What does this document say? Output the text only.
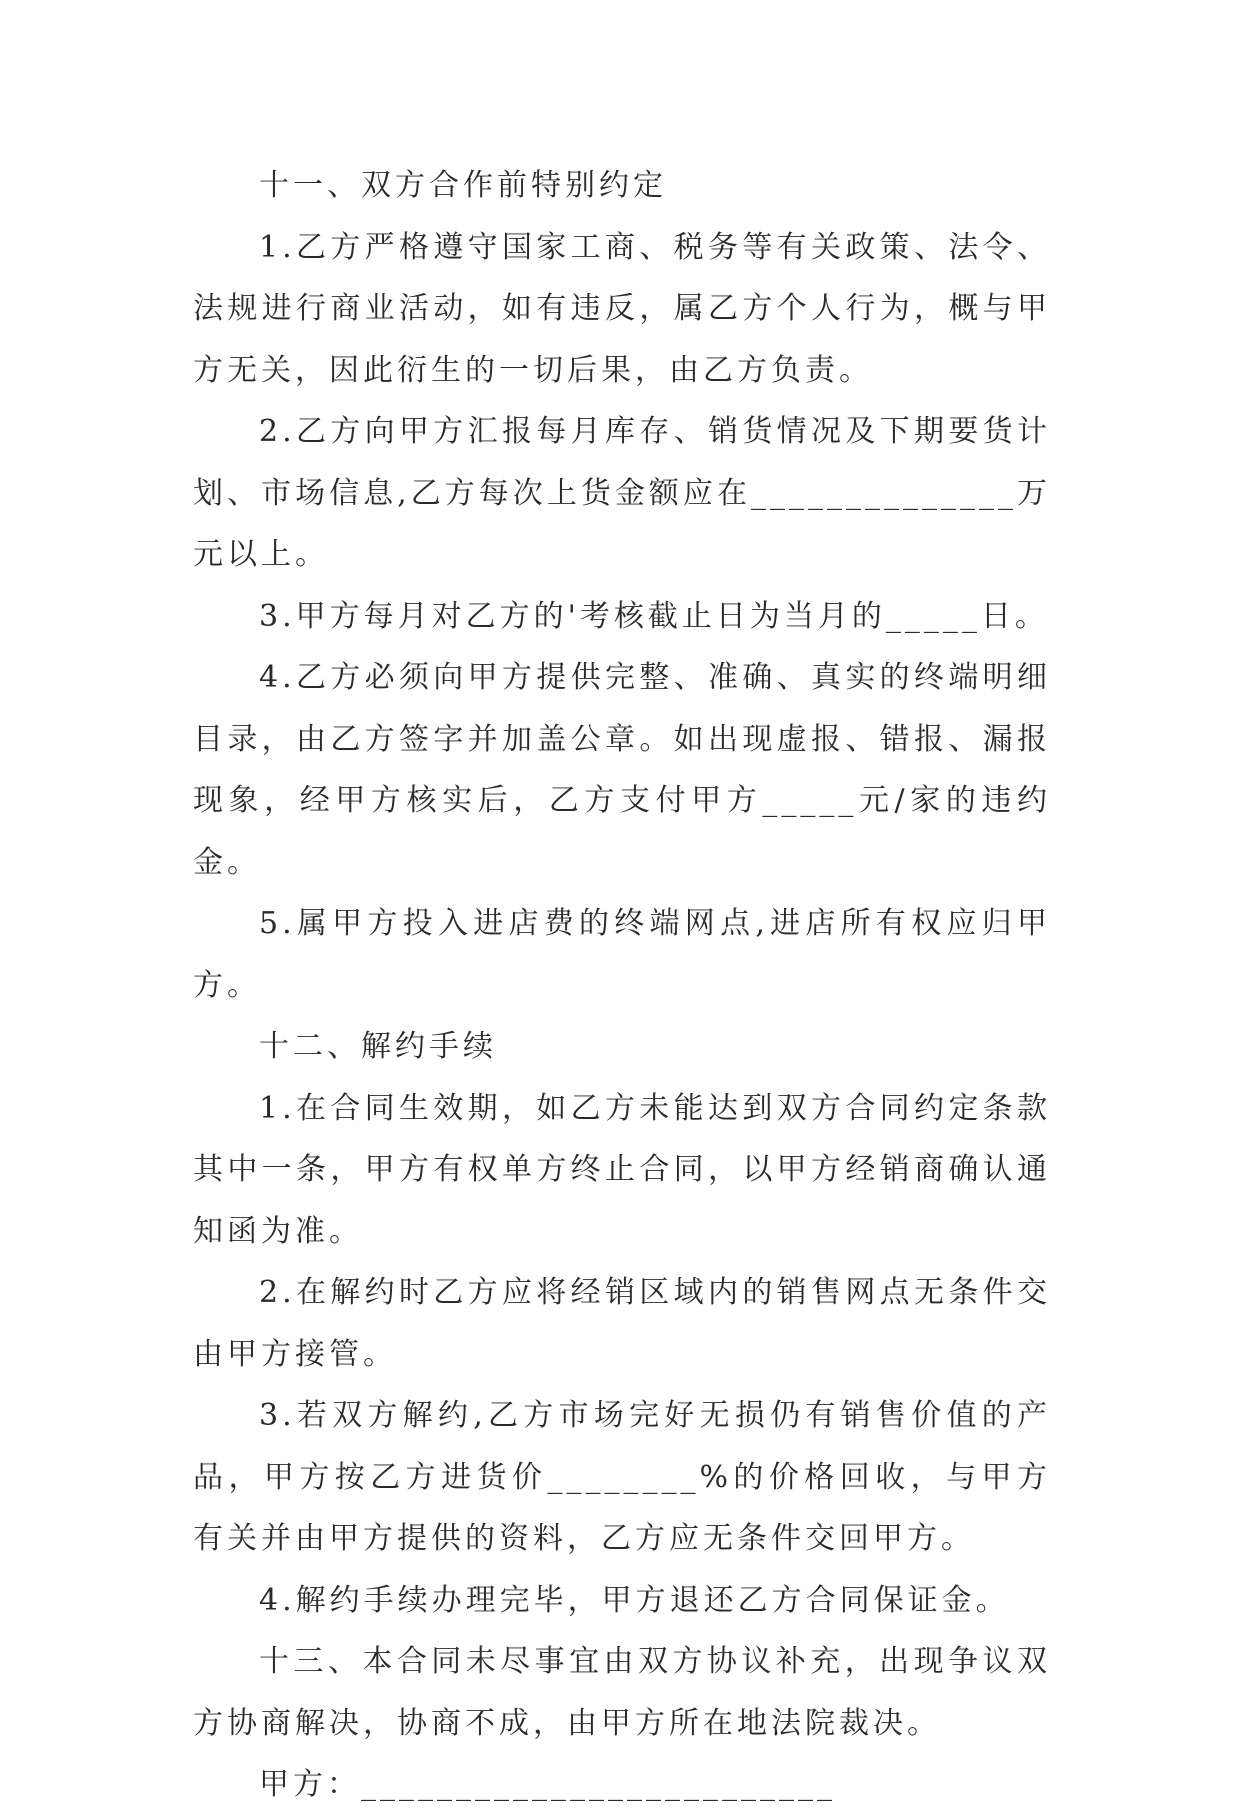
十一、双方合作前特别约定

1.乙方严格遵守国家工商、税务等有关政策、法令、法规进行商业活动，如有违反，属乙方个人行为，概与甲方无关，因此衍生的一切后果，由乙方负责。

2.乙方向甲方汇报每月库存、销货情况及下期要货计划、市场信息,乙方每次上货金额应在______________万元以上。

3.甲方每月对乙方的'考核截止日为当月的_____日。

4.乙方必须向甲方提供完整、准确、真实的终端明细目录，由乙方签字并加盖公章。如出现虚报、错报、漏报现象，经甲方核实后，乙方支付甲方_____元/家的违约金。

5.属甲方投入进店费的终端网点,进店所有权应归甲方。

十二、解约手续

1.在合同生效期，如乙方未能达到双方合同约定条款其中一条，甲方有权单方终止合同，以甲方经销商确认通知函为准。

2.在解约时乙方应将经销区域内的销售网点无条件交由甲方接管。

3.若双方解约,乙方市场完好无损仍有销售价值的产品，甲方按乙方进货价________%的价格回收，与甲方有关并由甲方提供的资料，乙方应无条件交回甲方。

4.解约手续办理完毕，甲方退还乙方合同保证金。

十三、本合同未尽事宜由双方协议补充，出现争议双方协商解决，协商不成，由甲方所在地法院裁决。

甲方：_________________________
